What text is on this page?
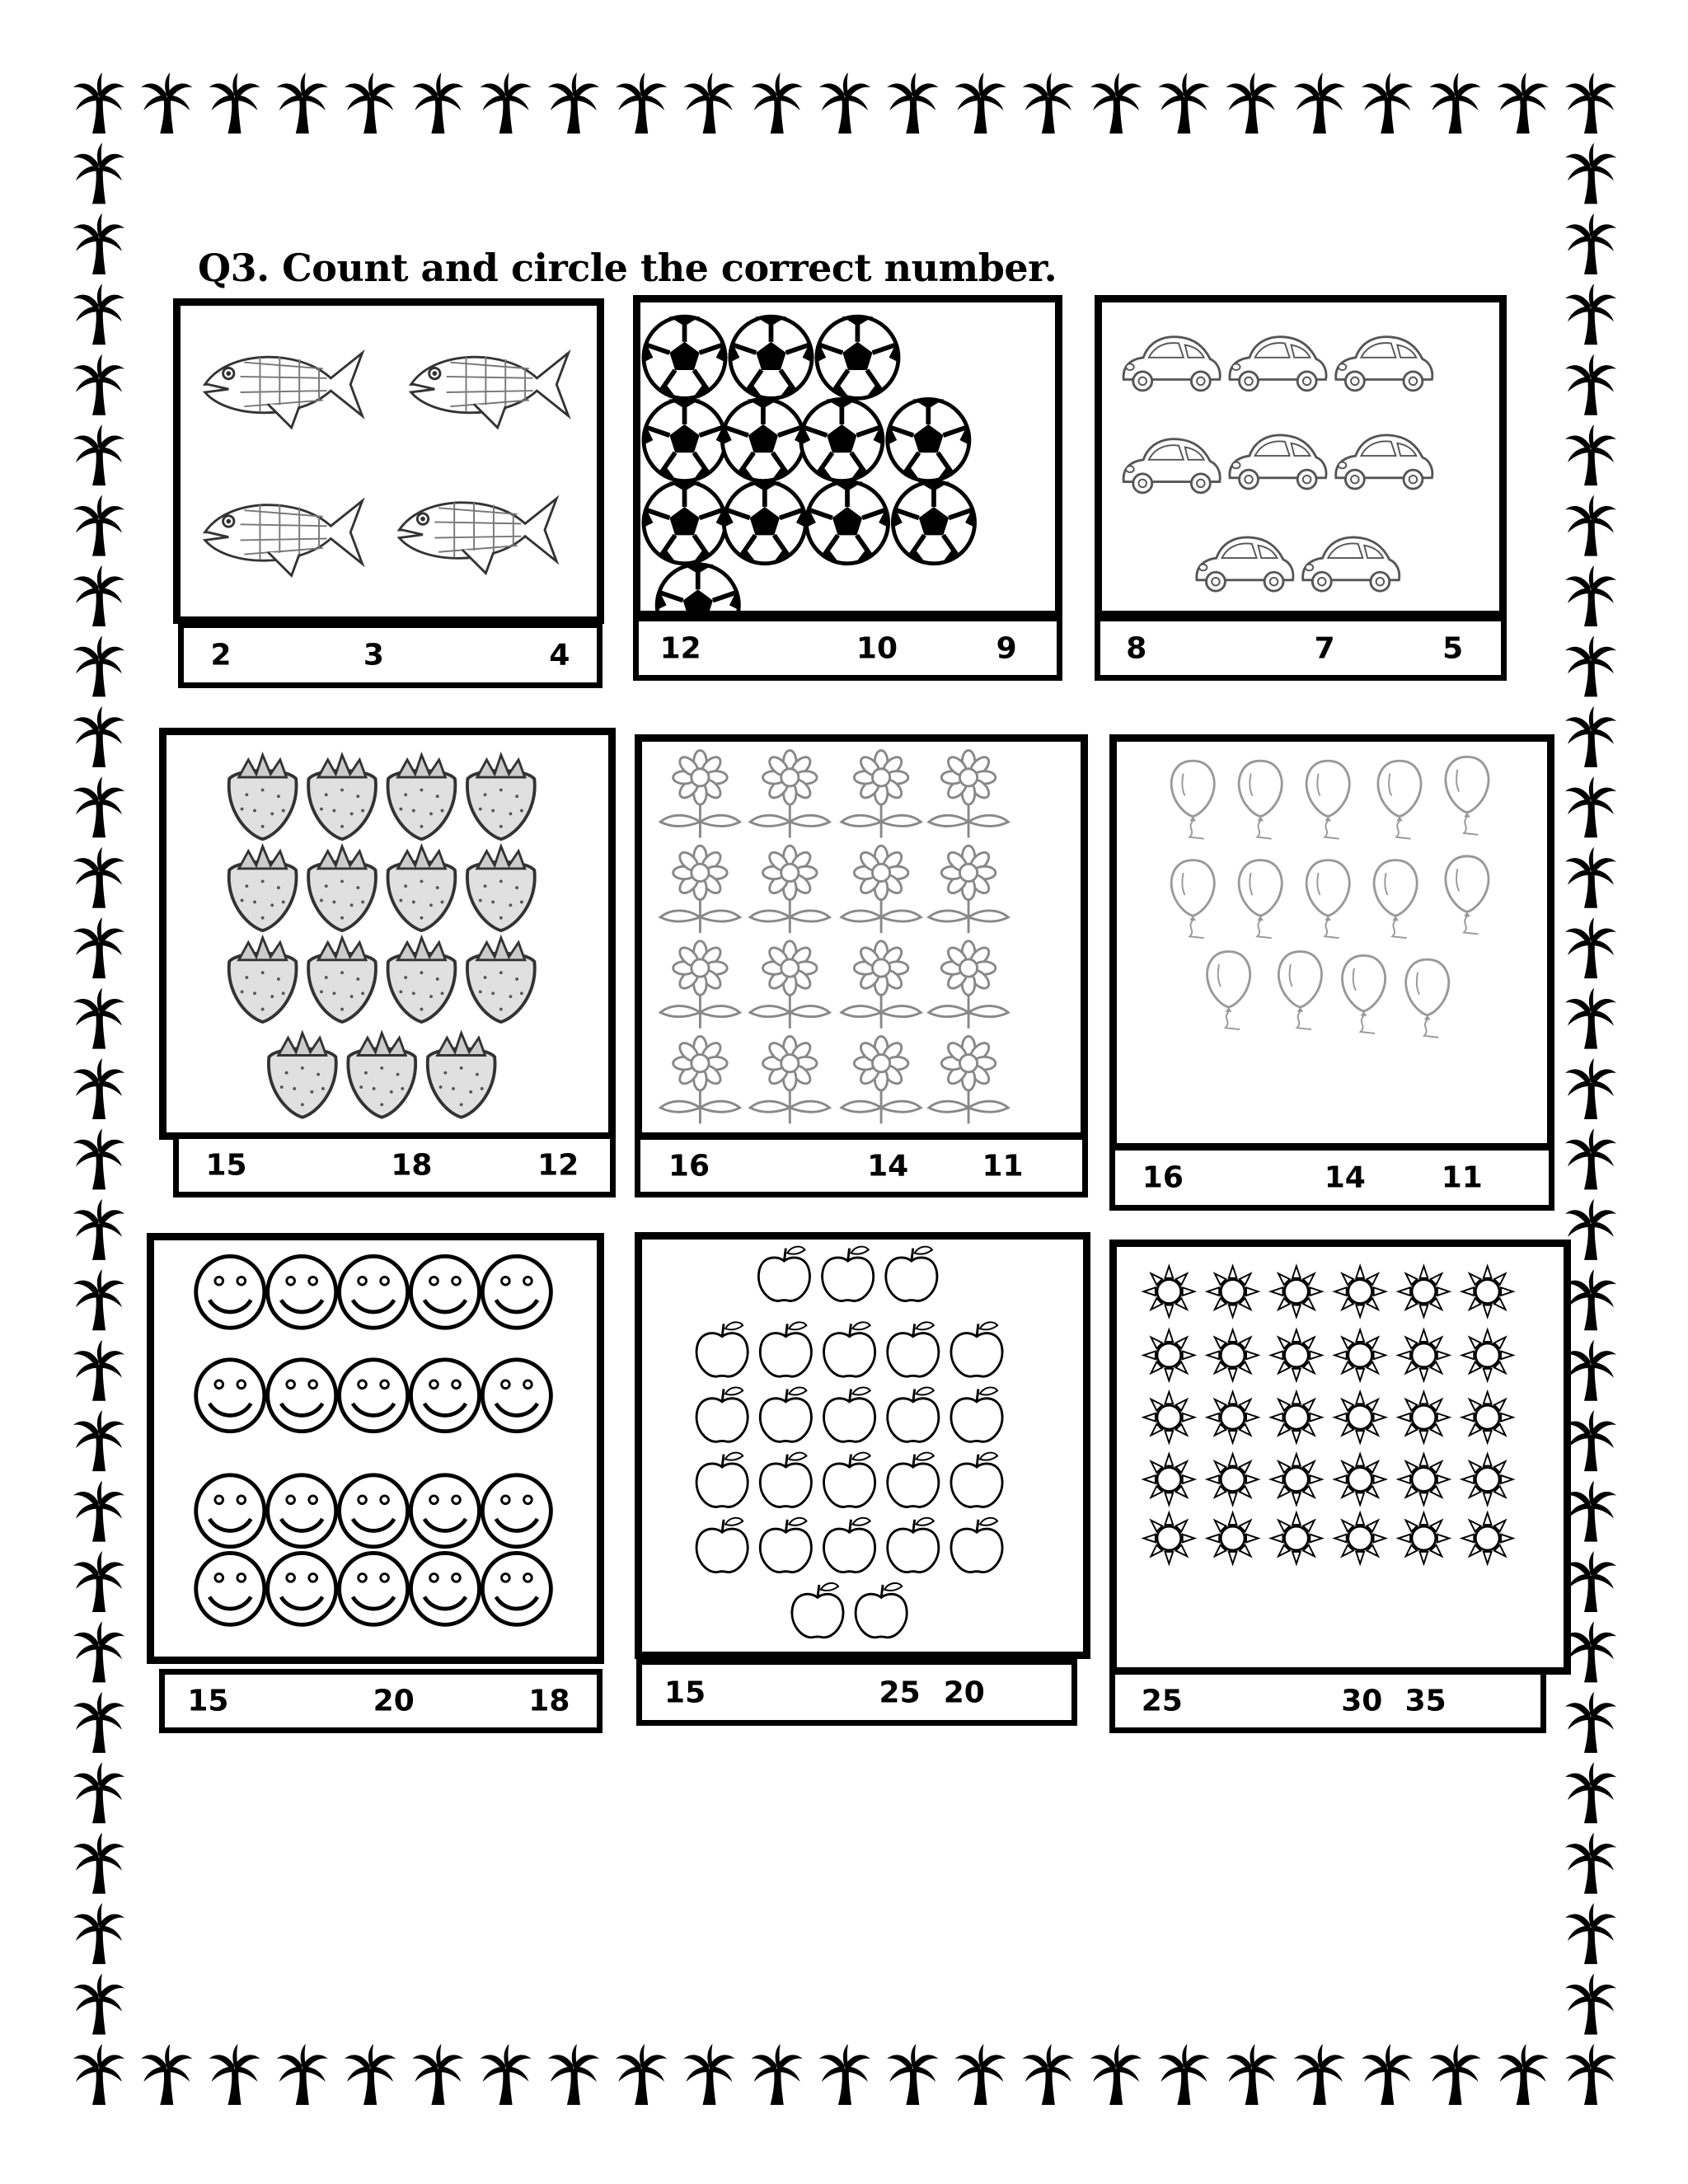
Q3. Count and circle the correct number.
2	3	4	12	10	9	8	7	5
15	18	12	16	14 11	16	14	11
15	20	18	15	25 20	25	30 35
